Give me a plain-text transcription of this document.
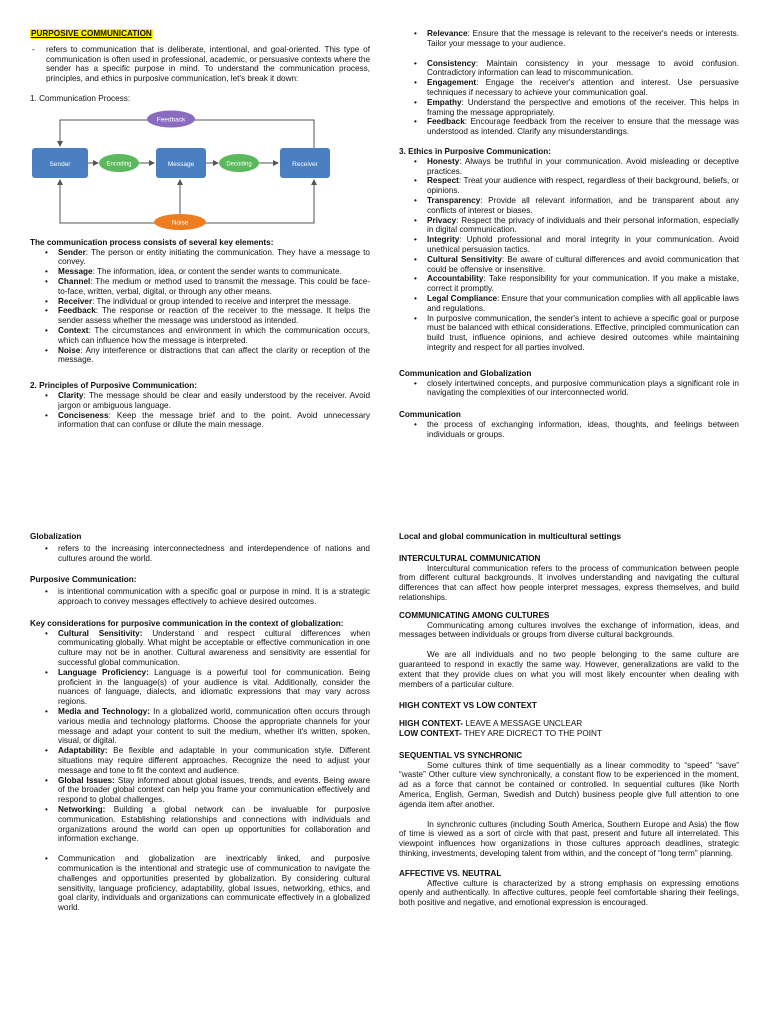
PURPOSIVE COMMUNICATION
- refers to communication that is deliberate, intentional, and goal-oriented. This type of communication is often used in professional, academic, or persuasive contexts where the sender has a specific purpose in mind. To understand the communication process, principles, and ethics in purposive communication, let's break it down:

1. Communication Process:

Sender	Encoding	Message	Decoding	Receiver
Feedback
Noise

The communication process consists of several key elements:

• Sender: The person or entity initiating the communication. They have a message to convey.
• Message: The information, idea, or content the sender wants to communicate.
• Channel: The medium or method used to transmit the message. This could be face-to-face, written, verbal, digital, or through any other means.
• Receiver: The individual or group intended to receive and interpret the message.
• Feedback: The response or reaction of the receiver to the message. It helps the sender assess whether the message was understood as intended.
• Context: The circumstances and environment in which the communication occurs, which can influence how the message is interpreted.
• Noise: Any interference or distractions that can affect the clarity or reception of the message.

2. Principles of Purposive Communication:

• Clarity: The message should be clear and easily understood by the receiver. Avoid jargon or ambiguous language.
• Conciseness: Keep the message brief and to the point. Avoid unnecessary information that can confuse or dilute the main message.
• Relevance: Ensure that the message is relevant to the receiver's needs or interests. Tailor your message to your audience.
• Consistency: Maintain consistency in your message to avoid confusion. Contradictory information can lead to miscommunication.
• Engagement: Engage the receiver's attention and interest. Use persuasive techniques if necessary to achieve your communication goal.
• Empathy: Understand the perspective and emotions of the receiver. This helps in framing the message appropriately.
• Feedback: Encourage feedback from the receiver to ensure that the message was understood as intended. Clarify any misunderstandings.

3. Ethics in Purposive Communication:

• Honesty: Always be truthful in your communication. Avoid misleading or deceptive practices.
• Respect: Treat your audience with respect, regardless of their background, beliefs, or opinions.
• Transparency: Provide all relevant information, and be transparent about any conflicts of interest or biases.
• Privacy: Respect the privacy of individuals and their personal information, especially in digital communication.
• Integrity: Uphold professional and moral integrity in your communication. Avoid unethical persuasion tactics.
• Cultural Sensitivity: Be aware of cultural differences and avoid communication that could be offensive or insensitive.
• Accountability: Take responsibility for your communication. If you make a mistake, correct it promptly.
• Legal Compliance: Ensure that your communication complies with all applicable laws and regulations.
• In purposive communication, the sender's intent to achieve a specific goal or purpose must be balanced with ethical considerations. Effective, principled communication can build trust, influence opinions, and achieve desired outcomes while maintaining integrity and respect for all parties involved.

Communication and Globalization

• closely intertwined concepts, and purposive communication plays a significant role in navigating the complexities of our interconnected world.

Communication

• the process of exchanging information, ideas, thoughts, and feelings between individuals or groups.

Globalization

• refers to the increasing interconnectedness and interdependence of nations and cultures around the world.

Purposive Communication:

• is intentional communication with a specific goal or purpose in mind. It is a strategic approach to convey messages effectively to achieve desired outcomes.

Key considerations for purposive communication in the context of globalization:

• Cultural Sensitivity: Understand and respect cultural differences when communicating globally. What might be acceptable or effective communication in one culture may not be in another. Cultural awareness and sensitivity are essential for successful global communication.
• Language Proficiency: Language is a powerful tool for communication. Being proficient in the language(s) of your audience is vital. Additionally, consider the nuances of language, dialects, and idiomatic expressions that may vary across regions.
• Media and Technology: In a globalized world, communication often occurs through various media and technology platforms. Choose the appropriate channels for your message and adapt your content to suit the medium, whether it's written, spoken, visual, or digital.
• Adaptability: Be flexible and adaptable in your communication style. Different situations may require different approaches. Recognize the need to adjust your message and tone to fit the context and audience.
• Global Issues: Stay informed about global issues, trends, and events. Being aware of the broader global context can help you frame your communication effectively and respond to global challenges.
• Networking: Building a global network can be invaluable for purposive communication. Establishing relationships and connections with individuals and organizations around the world can open up opportunities for collaboration and information exchange.
• Communication and globalization are inextricably linked, and purposive communication is the intentional and strategic use of communication to navigate the challenges and opportunities presented by globalization. By considering cultural sensitivity, language proficiency, adaptability, global issues, networking, ethics, and goal clarity, individuals and organizations can communicate effectively in a globalized world.

Local and global communication in multicultural settings

INTERCULTURAL COMMUNICATION

Intercultural communication refers to the process of communication between people from different cultural backgrounds. It involves understanding and navigating the cultural differences that can affect how people interpret messages, express themselves, and build relationships.

COMMUNICATING AMONG CULTURES

Communicating among cultures involves the exchange of information, ideas, and messages between individuals or groups from diverse cultural backgrounds.

We are all individuals and no two people belonging to the same culture are guaranteed to respond in exactly the same way. However, generalizations are valid to the extent that they provide clues on what you will most likely encounter when dealing with members of a particular culture.

HIGH CONTEXT VS LOW CONTEXT

HIGH CONTEXT- LEAVE A MESSAGE UNCLEAR

LOW CONTEXT- THEY ARE DICRECT TO THE POINT

SEQUENTIAL VS SYNCHRONIC

Some cultures think of time sequentially as a linear commodity to “speed” “save” “waste” Other culture view synchronically, a constant flow to be experienced in the moment, ad as a force that cannot be contained or controlled. In sequential cultures (like North America, English, German, Swedish and Dutch) business people give full attention to one agenda item after another.

In synchronic cultures (including South America, Southern Europe and Asia) the flow of time is viewed as a sort of circle with that past, present and future all interrelated. This viewpoint influences how organizations in those cultures approach deadlines, strategic thinking, investments, developing talent from within, and the concept of “long term” planning.

AFFECTIVE VS. NEUTRAL

Affective culture is characterized by a strong emphasis on expressing emotions openly and authentically. In affective cultures, people feel comfortable sharing their feelings, both positive and negative, and emotional expression is encouraged.
